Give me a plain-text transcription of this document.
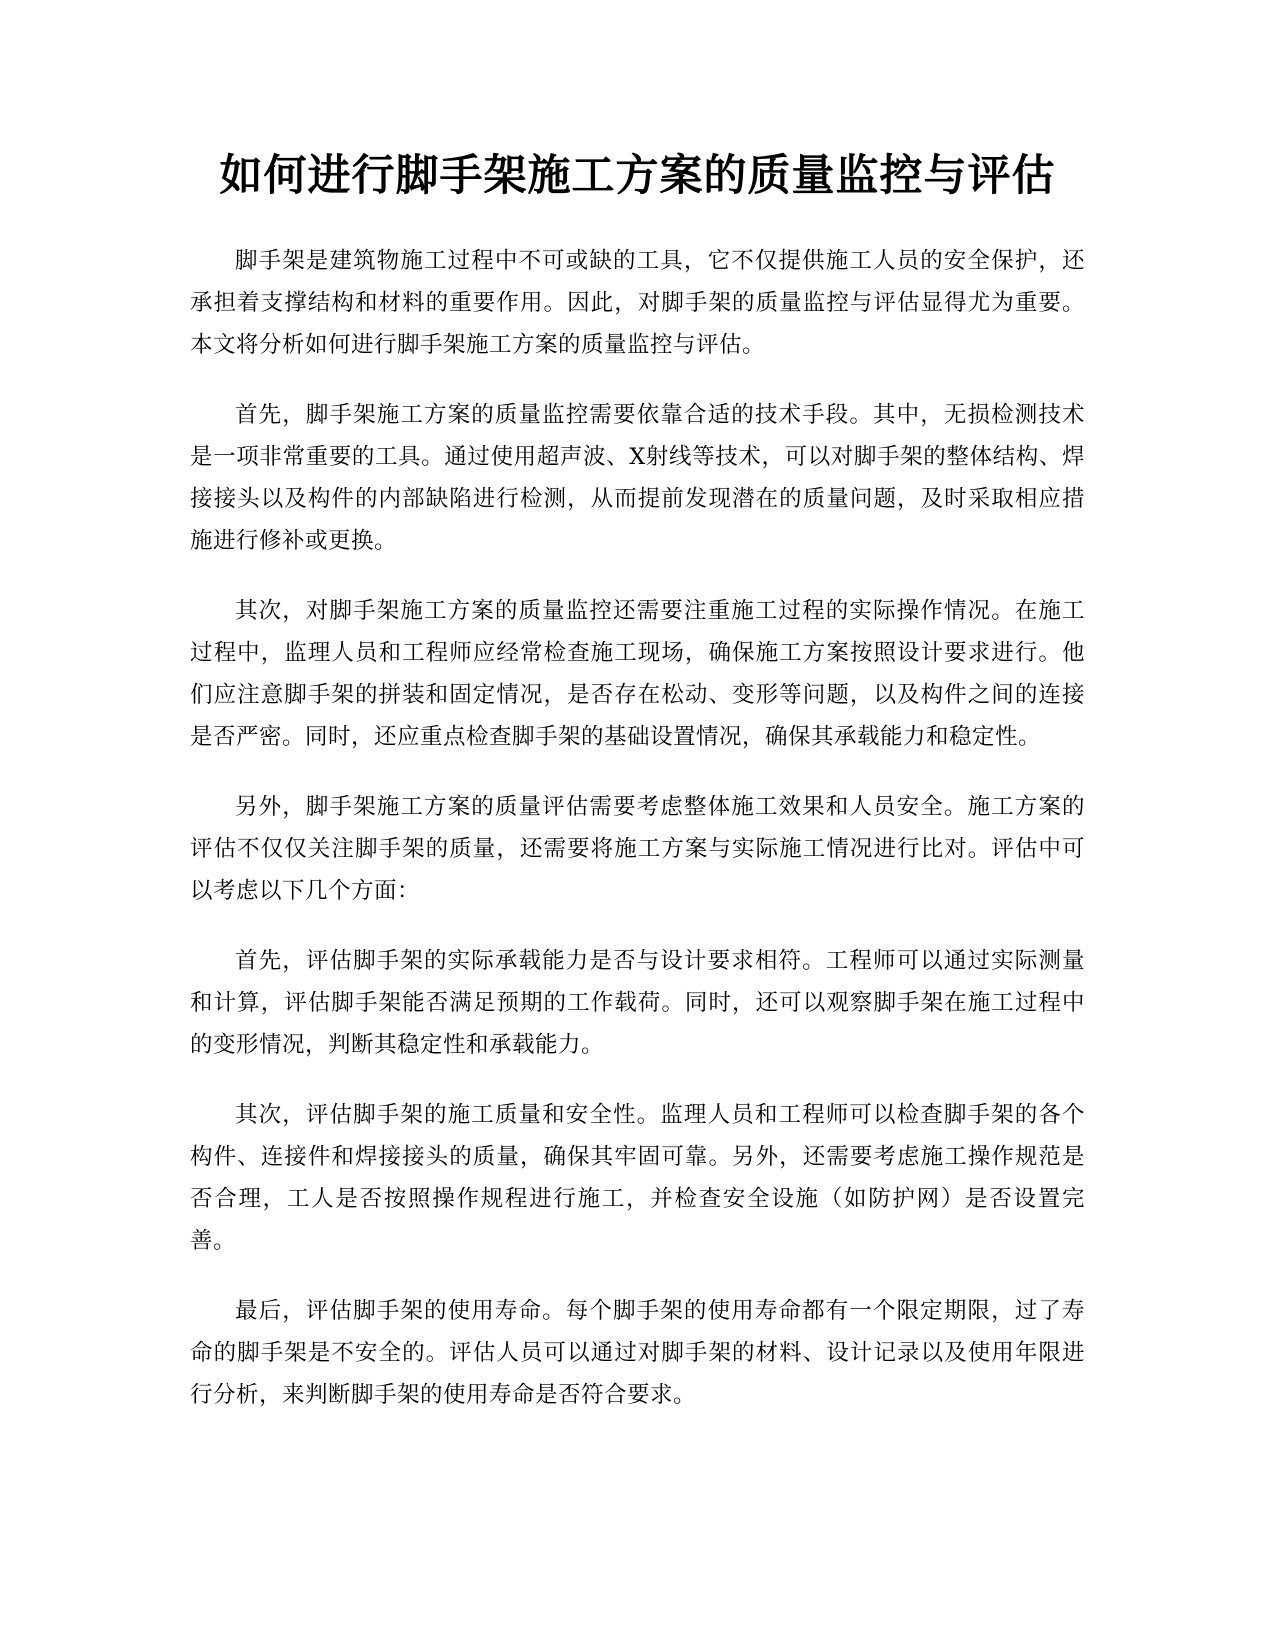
如何进行脚手架施工方案的质量监控与评估

脚手架是建筑物施工过程中不可或缺的工具，它不仅提供施工人员的安全保护，还承担着支撑结构和材料的重要作用。因此，对脚手架的质量监控与评估显得尤为重要。本文将分析如何进行脚手架施工方案的质量监控与评估。

首先，脚手架施工方案的质量监控需要依靠合适的技术手段。其中，无损检测技术是一项非常重要的工具。通过使用超声波、X射线等技术，可以对脚手架的整体结构、焊接接头以及构件的内部缺陷进行检测，从而提前发现潜在的质量问题，及时采取相应措施进行修补或更换。

其次，对脚手架施工方案的质量监控还需要注重施工过程的实际操作情况。在施工过程中，监理人员和工程师应经常检查施工现场，确保施工方案按照设计要求进行。他们应注意脚手架的拼装和固定情况，是否存在松动、变形等问题，以及构件之间的连接是否严密。同时，还应重点检查脚手架的基础设置情况，确保其承载能力和稳定性。

另外，脚手架施工方案的质量评估需要考虑整体施工效果和人员安全。施工方案的评估不仅仅关注脚手架的质量，还需要将施工方案与实际施工情况进行比对。评估中可以考虑以下几个方面：

首先，评估脚手架的实际承载能力是否与设计要求相符。工程师可以通过实际测量和计算，评估脚手架能否满足预期的工作载荷。同时，还可以观察脚手架在施工过程中的变形情况，判断其稳定性和承载能力。

其次，评估脚手架的施工质量和安全性。监理人员和工程师可以检查脚手架的各个构件、连接件和焊接接头的质量，确保其牢固可靠。另外，还需要考虑施工操作规范是否合理，工人是否按照操作规程进行施工，并检查安全设施（如防护网）是否设置完善。

最后，评估脚手架的使用寿命。每个脚手架的使用寿命都有一个限定期限，过了寿命的脚手架是不安全的。评估人员可以通过对脚手架的材料、设计记录以及使用年限进行分析，来判断脚手架的使用寿命是否符合要求。
